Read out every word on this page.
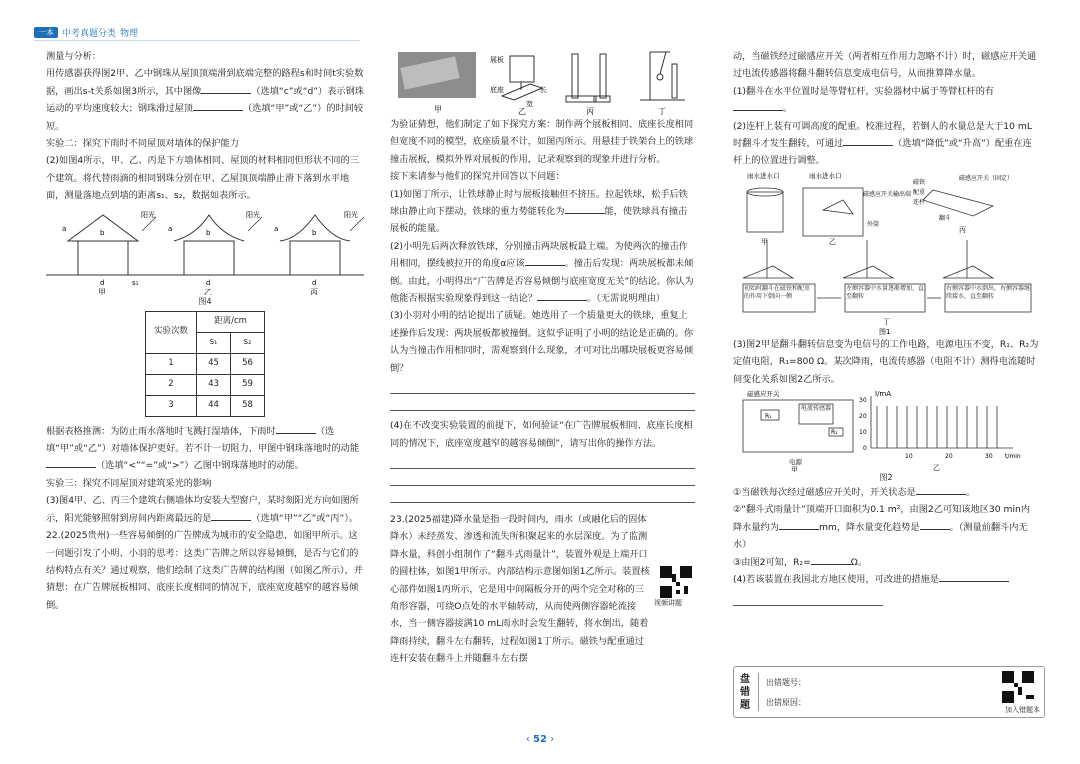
一本 中考真题分类 物理

测量与分析：

用传感器获得图2甲、乙中钢珠从屋顶顶端滑到底端完整的路程s和时间t实验数据，画出s-t关系如图3所示，其中图像	（选填“c”或“d”）表示钢珠运动的平均速度较大；钢珠滑过屋顶	（选填“甲”或“乙”）的时间较短。

实验二：探究下雨时不同屋顶对墙体的保护能力

(2)如图4所示，甲、乙、丙是下方墙体相同、屋顶的材料相同但形状不同的三个建筑。将代替雨滴的相同钢珠分别在甲、乙屋顶顶端静止滑下落到水平地面，测量落地点到墙的距离s₁、s₂，数据如表所示。

阳光	阳光	阳光
b	b	b
a	a	a
d	d	d
s₁
甲	乙	丙
图4
实验次数	距离/cm	
	s₁	s₂
1	45	56
2	43	59
3	44	58

根据表格推测：为防止雨水落地时飞溅打湿墙体，下雨时	（选填“甲”或“乙”）对墙体保护更好。若不计一切阻力，甲图中钢珠落地时的动能（选填“<”“=”或“>”）乙图中钢珠落地时的动能。

实验三：探究不同屋顶对建筑采光的影响

(3)图4甲、乙、丙三个建筑右侧墙体均安装大型窗户，某时刻阳光方向如图所示，阳光能够照射到房间内距离最远的是	（选填“甲”“乙”或“丙”）。

22.(2025贵州)一些容易倾倒的广告牌成为城市的安全隐患，如图甲所示。这一问题引发了小明、小羽的思考：这类广告牌之所以容易倾倒，是否与它们的结构特点有关？通过观察，他们绘制了这类广告牌的结构图（如图乙所示），并猜想：在广告牌展板相同、底座长度相同的情况下，底座宽度越窄的越容易倾倒。

展板
底座	长
宽
甲	乙	丙	丁

为验证猜想，他们制定了如下探究方案：制作两个展板相同、底座长度相同但宽度不同的模型，底座质量不计，如图丙所示。用悬挂于铁架台上的铁球撞击展板，模拟外界对展板的作用，记录观察到的现象并进行分析。

接下来请参与他们的探究并回答以下问题：

(1)如图丁所示，让铁球静止时与展板接触但不挤压。拉起铁球，松手后铁球由静止向下摆动，铁球的重力势能转化为	能，使铁球具有撞击展板的能量。

(2)小明先后两次释放铁球，分别撞击两块展板最上端。为使两次的撞击作用相同，摆线被拉开的角度α应该	。撞击后发现：两块展板都未倾倒。由此，小明得出“广告牌是否容易倾倒与底座宽度无关”的结论。你认为他能否根据实验现象得到这一结论？	。（无需说明理由）

(3)小羽对小明的结论提出了质疑。她选用了一个质量更大的铁球，重复上述操作后发现：两块展板都被撞倒。这似乎证明了小明的结论是正确的。你认为当撞击作用相同时，需观察到什么现象，才可对比出哪块展板更容易倾倒？

(4)在不改变实验装置的前提下，如何验证“在广告牌展板相同、底座长度相同的情况下，底座宽度越窄的越容易倾倒”，请写出你的操作方法。

23.(2025福建)降水量是指一段时间内，雨水（或融化后的固体降水）未经蒸发、渗透和流失所积聚起来的水层深度。为了监测降水量，科创小组制作了“翻斗式雨量计”，装置外观是上端开口的圆柱体，如图1甲所示。内部结构示意图如图1乙所示。装置核心部件如图1丙所示，它是用中间隔板分开的两个完全对称的三角形容器，可绕O点处的水平轴转动，从而使两侧容器轮流接水，当一侧容器接满10 mL雨水时会发生翻转，将水倒出，随着降雨持续，翻斗左右翻转，过程如图1丁所示。磁铁与配重通过连杆安装在翻斗上并随翻斗左右摆

视频讲题

动，当磁铁经过磁感应开关（两者相互作用力忽略不计）时，磁感应开关通过电流传感器将翻斗翻转信息变成电信号，从而推算降水量。

(1)翻斗在水平位置时是等臂杠杆，实验器材中属于等臂杠杆的有。

(2)连杆上装有可调高度的配重。校准过程，若倒人的水量总是大于10 mL时翻斗才发生翻转，可通过	（选填“降低”或“升高”）配重在连杆上的位置进行调整。

雨水进水口	雨水进水口
磁感应开关输出端
外筒
磁铁
配重
连杆
磁感应开关（固定）
翻斗
甲	乙
丙
初始时翻斗在磁铁和配重的作用下倒向一侧
左侧容器中水量逐渐增加，直至翻转
右侧容器中水倒出，右侧容器继续接水，直至翻转
丁
图1

(3)图2甲是翻斗翻转信息变为电信号的工作电路，电源电压不变，R₁、R₂为定值电阻，R₁=800 Ω。某次降雨，电流传感器（电阻不计）测得电流随时间变化关系如图2乙所示。

磁感应开关
R₁
电流传感器
R₂
电源
甲
I/mA
30
20
10
0
10	20	30 t/min
乙
图2

①当磁铁每次经过磁感应开关时，开关状态是	。

②“翻斗式雨量计”顶端开口面积为0.1 m²，由图2乙可知该地区30 min内降水量约为	mm，降水量变化趋势是	。（测量前翻斗内无水）

③由图2可知，R₂=	Ω。

(4)若该装置在我国北方地区使用，可改进的措施是

盘错题
出错题号：
出错原因：
加入错题本
‹ 52 ›
